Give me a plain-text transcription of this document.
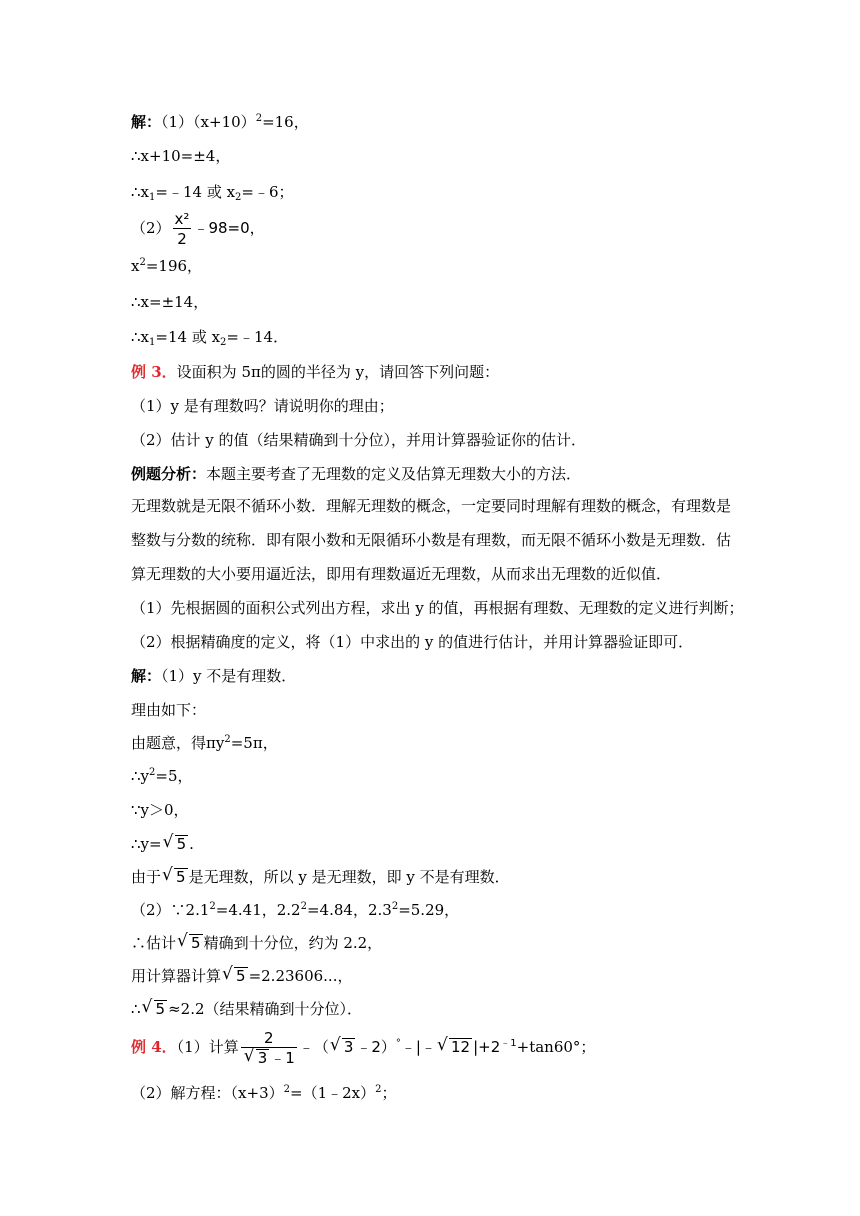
解：$(1)(x+10)^2=16$，
∴x+10=±4，
$\therefore x_1=﹣14$ 或 $x_2=﹣6$；
$(2) \frac{\text{x²}}{2}$ ﹣98=0，
$x^2=196$，
∴x=±14，
$\therefore x_1=14$ 或 $x_2=﹣14$．
例 3．设面积为 5π的圆的半径为 y，请回答下列问题：
（1）y 是有理数吗？请说明你的理由；
（2）估计 y 的值（结果精确到十分位），并用计算器验证你的估计．
例题分析：本题主要考查了无理数的定义及估算无理数大小的方法．
无理数就是无限不循环小数．理解无理数的概念，一定要同时理解有理数的概念，有理数是
整数与分数的统称．即有限小数和无限循环小数是有理数，而无限不循环小数是无理数．估
算无理数的大小要用逼近法，即用有理数逼近无理数，从而求出无理数的近似值．
（1）先根据圆的面积公式列出方程，求出 y 的值，再根据有理数、无理数的定义进行判断；
（2）根据精确度的定义，将（1）中求出的 y 的值进行估计，并用计算器验证即可．
解：（1）y 不是有理数．
理由如下：
由题意，得$\pi y^2=5\pi$，
$\therefore y^2=5$，
∵y＞0，
∴y= √ 5 .
由于 √ 5 是无理数，所以 y 是无理数，即 y 不是有理数．
$(2)\because 2.1^2=4.41$，$2.2^2=4.84$，$2.3^2=5.29$，
∴估计 √ 5 精确到十分位，约为 2.2，
用计算器计算 √ 5 =2.23606...，
∴ √ 5 ≈2.2（结果精确到十分位）．
例 4．（1）计算 2
√ 3 ﹣1 ﹣（ √ 3 ﹣2）°﹣|﹣ √ 12 $|+2^{﹣1}+\tan 60^\circ$；
（2）解方程：$(x+3)^2=(1﹣2x)^2$；
